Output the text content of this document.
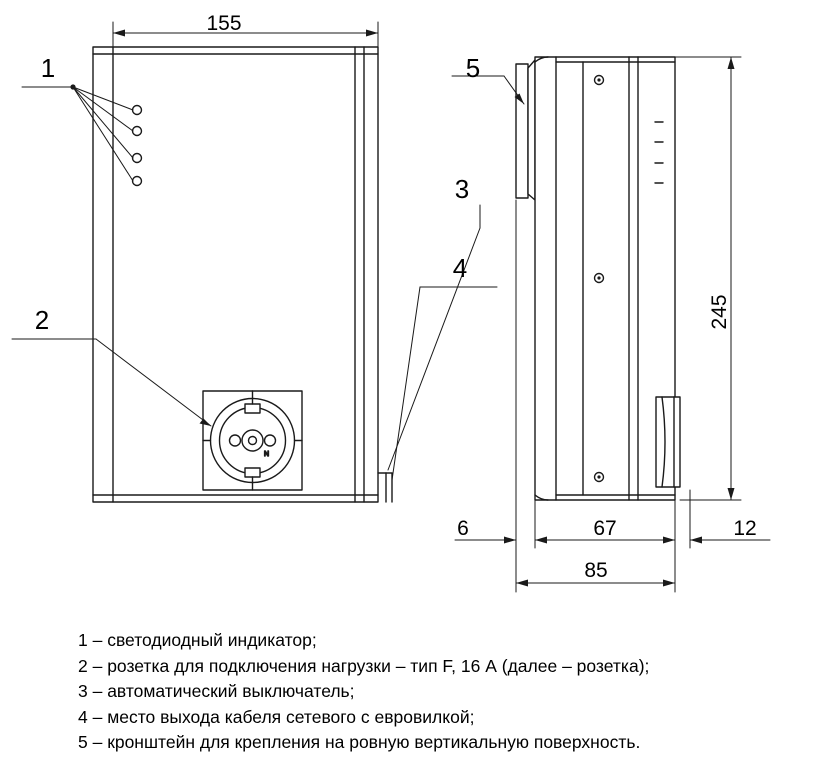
N
155
6	67	12
85
245
1
2
3
4
5
1 – светодиодный индикатор;
2 – розетка для подключения нагрузки – тип F, 16 А (далее – розетка);
3 – автоматический выключатель;
4 – место выхода кабеля сетевого с евровилкой;
5 – кронштейн для крепления на ровную вертикальную поверхность.
